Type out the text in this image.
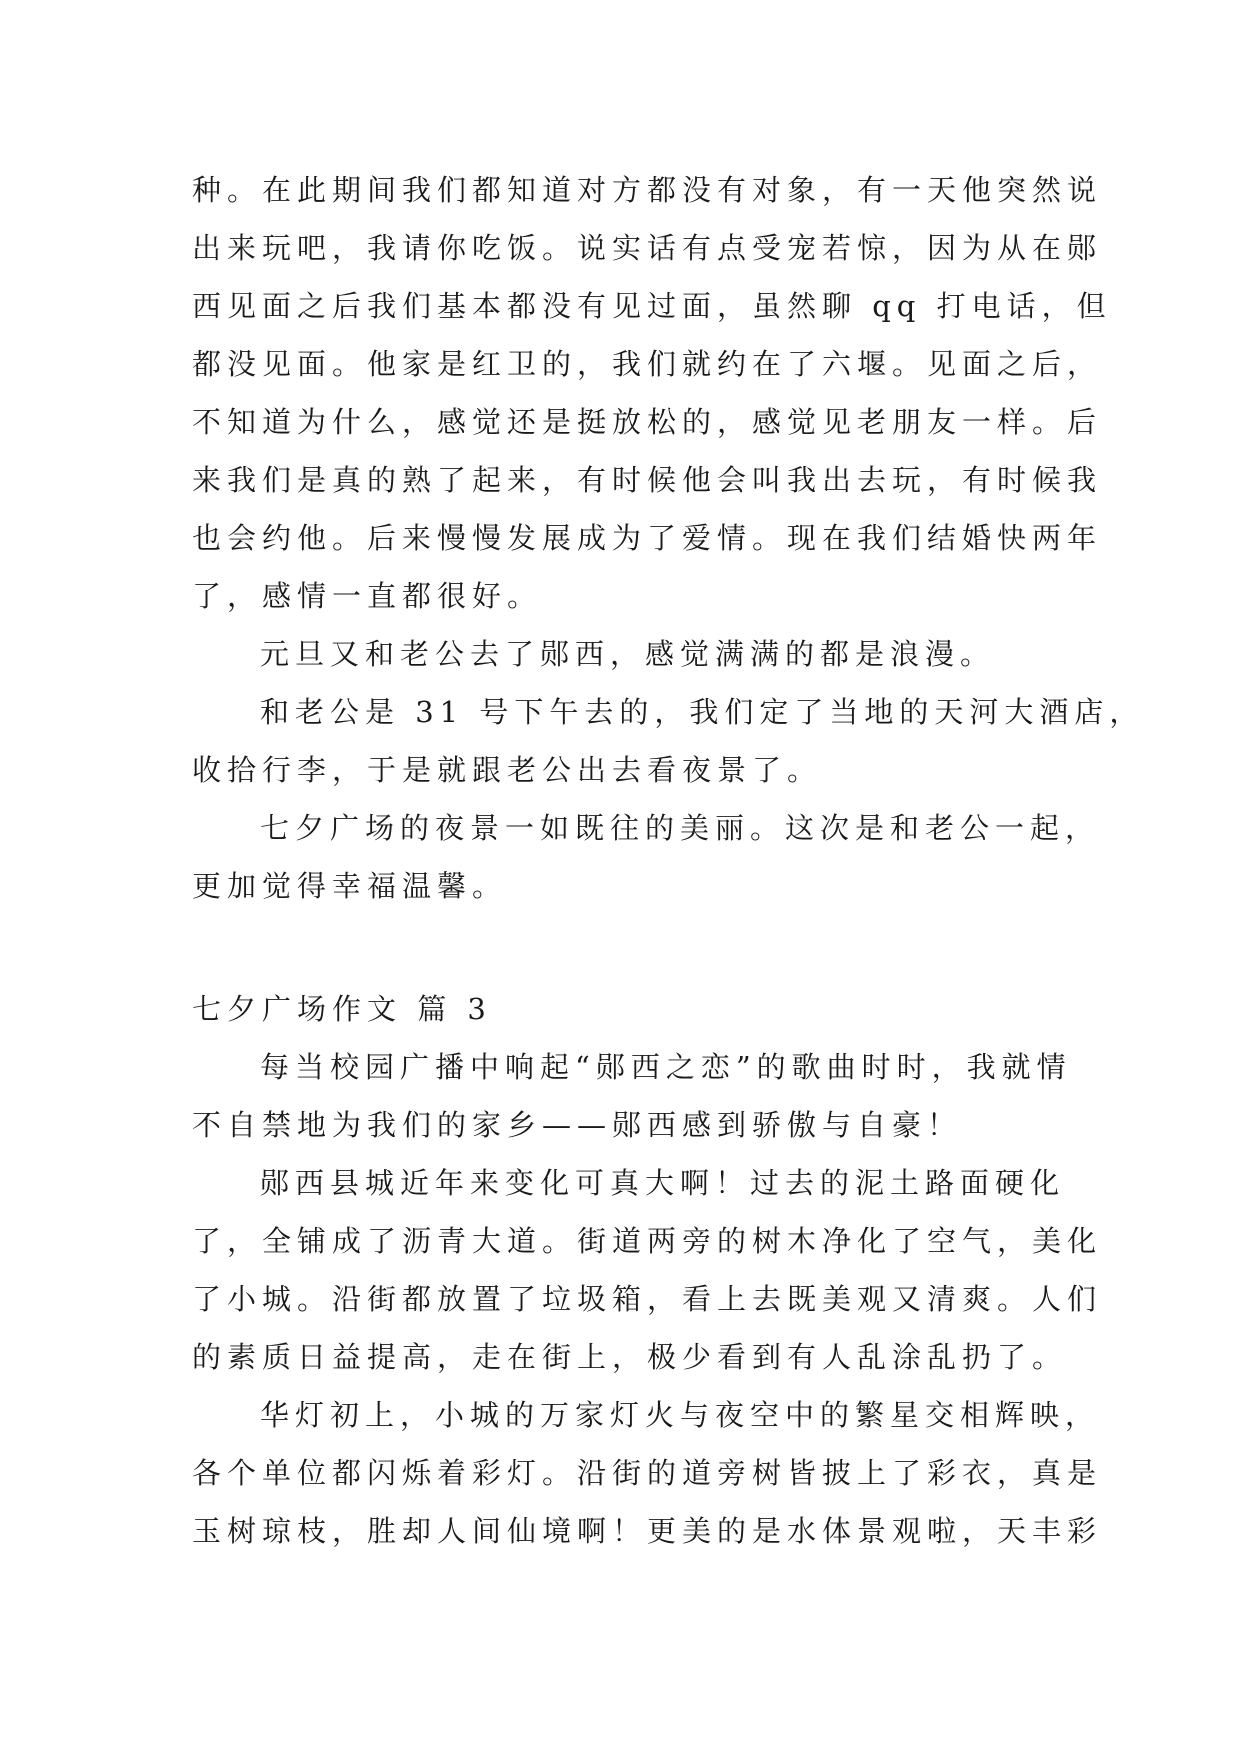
种。在此期间我们都知道对方都没有对象，有一天他突然说
出来玩吧，我请你吃饭。说实话有点受宠若惊，因为从在郧
西见面之后我们基本都没有见过面，虽然聊 qq 打电话，但
都没见面。他家是红卫的，我们就约在了六堰。见面之后，
不知道为什么，感觉还是挺放松的，感觉见老朋友一样。后
来我们是真的熟了起来，有时候他会叫我出去玩，有时候我
也会约他。后来慢慢发展成为了爱情。现在我们结婚快两年
了，感情一直都很好。
元旦又和老公去了郧西，感觉满满的都是浪漫。
和老公是 31 号下午去的，我们定了当地的天河大酒店，
收拾行李，于是就跟老公出去看夜景了。
七夕广场的夜景一如既往的美丽。这次是和老公一起，
更加觉得幸福温馨。
七夕广场作文 篇 3
每当校园广播中响起“郧西之恋”的歌曲时时，我就情
不自禁地为我们的家乡——郧西感到骄傲与自豪！
郧西县城近年来变化可真大啊！过去的泥土路面硬化
了，全铺成了沥青大道。街道两旁的树木净化了空气，美化
了小城。沿街都放置了垃圾箱，看上去既美观又清爽。人们
的素质日益提高，走在街上，极少看到有人乱涂乱扔了。
华灯初上，小城的万家灯火与夜空中的繁星交相辉映，
各个单位都闪烁着彩灯。沿街的道旁树皆披上了彩衣，真是
玉树琼枝，胜却人间仙境啊！更美的是水体景观啦，天丰彩
